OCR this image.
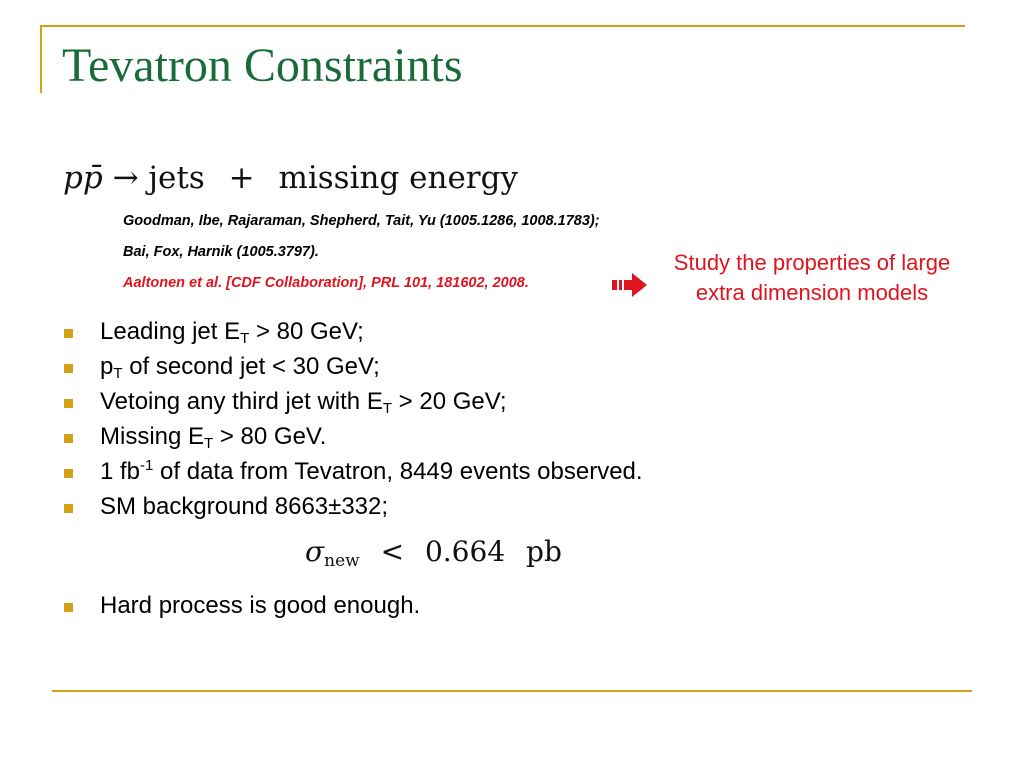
Tevatron Constraints
pp̄ → jets + missing energy
Goodman, Ibe, Rajaraman, Shepherd, Tait, Yu (1005.1286, 1008.1783);
Bai, Fox, Harnik (1005.3797).
Aaltonen et al. [CDF Collaboration], PRL 101, 181602, 2008.
Study the properties of large extra dimension models
Leading jet $E_T > 80$ GeV;
$p_T$ of second jet < 30 GeV;
Vetoing any third jet with $E_T > 20$ GeV;
Missing $E_T > 80$ GeV.
1 $fb^{-1}$ of data from Tevatron, 8449 events observed.
SM background 8663±332;
$\sigma_{new} < 0.664$ pb
Hard process is good enough.
